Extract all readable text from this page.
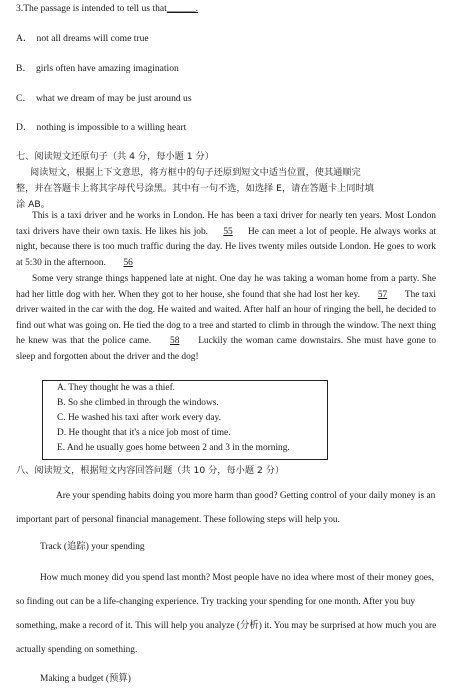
3.The passage is intended to tell us that______.
A． not all dreams will come true
B． girls often have amazing imagination
C． what we dream of may be just around us
D． nothing is impossible to a willing heart
七、阅读短文还原句子（共 4 分，每小题 1 分）
阅读短文，根据上下文意思，将方框中的句子还原到短文中适当位置，使其通顺完
整，并在答题卡上将其字母代号涂黑。其中有一句不选，如选择 E，请在答题卡上同时填
涂 AB。
This is a taxi driver and he works in London. He has been a taxi driver for nearly ten years. Most London taxi drivers have their own taxis. He likes his job. 55 He can meet a lot of people. He always works at night, because there is too much traffic during the day. He lives twenty miles outside London. He goes to work at 5:30 in the afternoon. 56
Some very strange things happened late at night. One day he was taking a woman home from a party. She had her little dog with her. When they got to her house, she found that she had lost her key. 57 The taxi driver waited in the car with the dog. He waited and waited. After half an hour of ringing the bell, he decided to find out what was going on. He tied the dog to a tree and started to climb in through the window. The next thing he knew was that the police came. 58 Luckily the woman came downstairs. She must have gone to sleep and forgotten about the driver and the dog!
A. They thought he was a thief.
B. So she climbed in through the windows.
C. He washed his taxi after work every day.
D. He thought that it's a nice job most of time.
E. And he usually goes home between 2 and 3 in the morning.
八、阅读短文，根据短文内容回答问题（共 10 分，每小题 2 分）
Are your spending habits doing you more harm than good? Getting control of your daily money is an important part of personal financial management. These following steps will help you.
Track (追踪) your spending
How much money did you spend last month? Most people have no idea where most of their money goes, so finding out can be a life-changing experience. Try tracking your spending for one month. After you buy something, make a record of it. This will help you analyze (分析) it. You may be surprised at how much you are actually spending on something.
Making a budget (预算)
